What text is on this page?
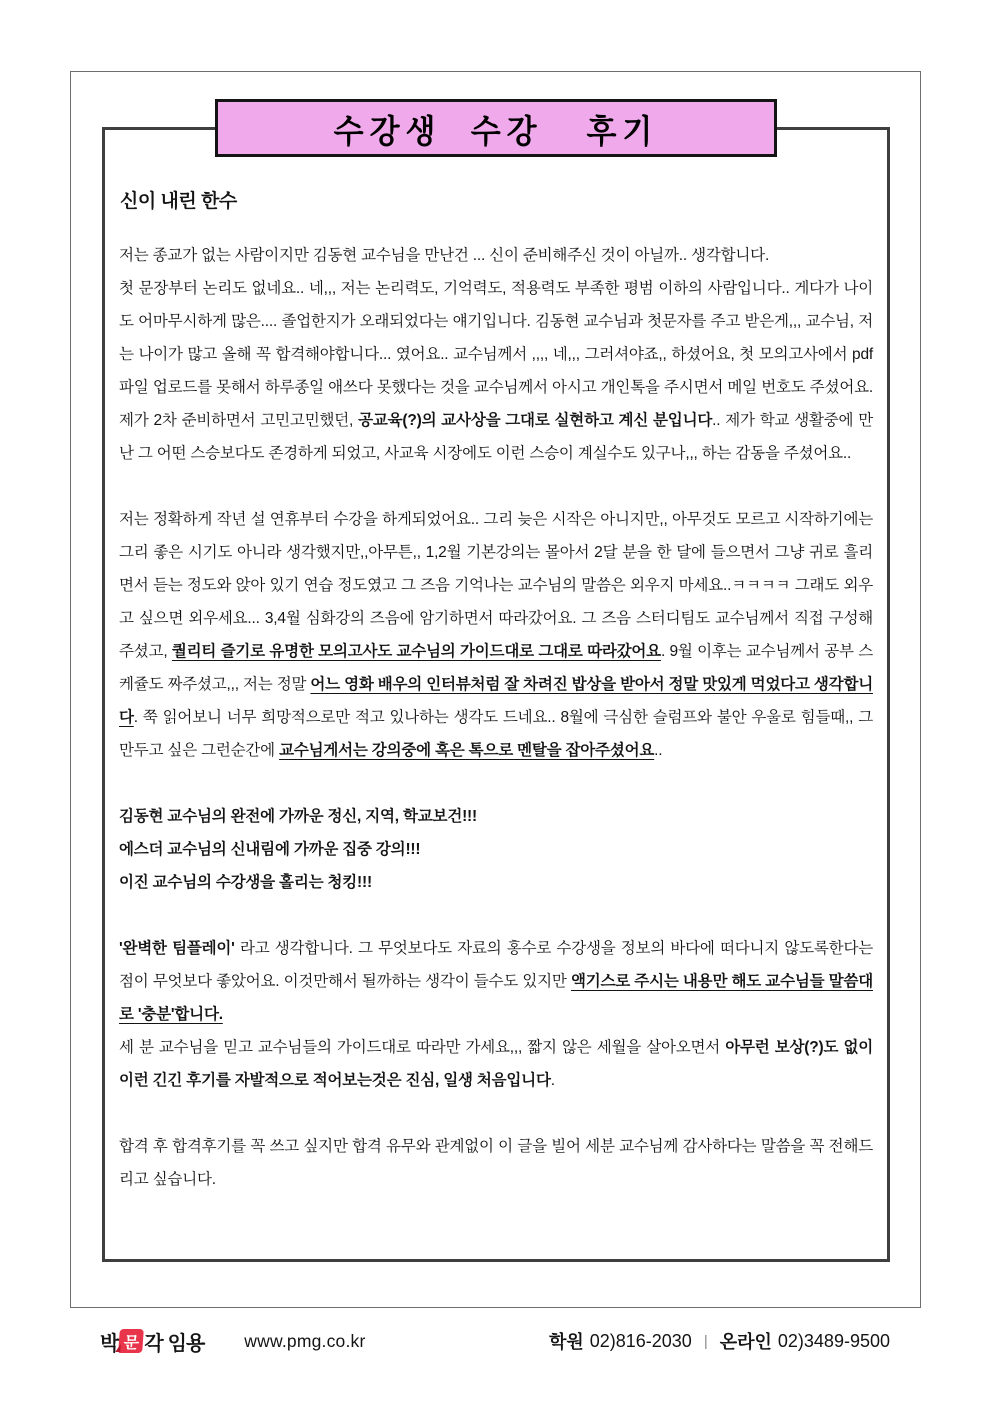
신이 내린 한수
저는 종교가 없는 사람이지만 김동현 교수님을 만난건 ... 신이 준비해주신 것이 아닐까.. 생각합니다.
첫 문장부터 논리도 없네요.. 네,,, 저는 논리력도, 기억력도, 적용력도 부족한 평범 이하의 사람입니다.. 게다가 나이도 어마무시하게 많은.... 졸업한지가 오래되었다는 얘기입니다. 김동현 교수님과 첫문자를 주고 받은게,,, 교수님, 저는 나이가 많고 올해 꼭 합격해야합니다... 였어요.. 교수님께서 ,,,, 네,,, 그러셔야죠,, 하셨어요, 첫 모의고사에서 pdf 파일 업로드를 못해서 하루종일 애쓰다 못했다는 것을 교수님께서 아시고 개인톡을 주시면서 메일 번호도 주셨어요. 제가 2차 준비하면서 고민고민했던, 공교육(?)의 교사상을 그대로 실현하고 계신 분입니다.. 제가 학교 생활중에 만난 그 어떤 스승보다도 존경하게 되었고, 사교육 시장에도 이런 스승이 계실수도 있구나,,, 하는 감동을 주셨어요..
저는 정확하게 작년 설 연휴부터 수강을 하게되었어요.. 그리 늦은 시작은 아니지만,, 아무것도 모르고 시작하기에는 그리 좋은 시기도 아니라 생각했지만,,아무튼,, 1,2월 기본강의는 몰아서 2달 분을 한 달에 들으면서 그냥 귀로 흘리면서 듣는 정도와 앉아 있기 연습 정도였고 그 즈음 기억나는 교수님의 말씀은 외우지 마세요..ㅋㅋㅋㅋ 그래도 외우고 싶으면 외우세요... 3,4월 심화강의 즈음에 암기하면서 따라갔어요. 그 즈음 스터디팀도 교수님께서 직접 구성해 주셨고, 퀄리티 즐기로 유명한 모의고사도 교수님의 가이드대로 그대로 따라갔어요. 9월 이후는 교수님께서 공부 스케쥴도 짜주셨고,,, 저는 정말 어느 영화 배우의 인터뷰처럼 잘 차려진 밥상을 받아서 정말 맛있게 먹었다고 생각합니다. 쭉 읽어보니 너무 희망적으로만 적고 있나하는 생각도 드네요.. 8월에 극심한 슬럼프와 불안 우울로 힘들때,, 그만두고 싶은 그런순간에 교수님게서는 강의중에 혹은 톡으로 멘탈을 잡아주셨어요..
김동현 교수님의 완전에 가까운 정신, 지역, 학교보건!!!
에스더 교수님의 신내림에 가까운 집중 강의!!!
이진 교수님의 수강생을 홀리는 청킹!!!
'완벽한 팀플레이' 라고 생각합니다. 그 무엇보다도 자료의 홍수로 수강생을 정보의 바다에 떠다니지 않도록한다는 점이 무엇보다 좋았어요. 이것만해서 될까하는 생각이 들수도 있지만 액기스로 주시는 내용만 해도 교수님들 말씀대로 '충분'합니다.
세 분 교수님을 믿고 교수님들의 가이드대로 따라만 가세요,,, 짧지 않은 세월을 살아오면서 아무런 보상(?)도 없이 이런 긴긴 후기를 자발적으로 적어보는것은 진심, 일생 처음입니다.
합격 후 합격후기를 꼭 쓰고 싶지만 합격 유무와 관계없이 이 글을 빌어 세분 교수님께 감사하다는 말씀을 꼭 전해드리고 싶습니다.
수강생  수강   후기
박 문 각 임용 www.pmg.co.kr	학원 02)816-2030 | 온라인 02)3489-9500
